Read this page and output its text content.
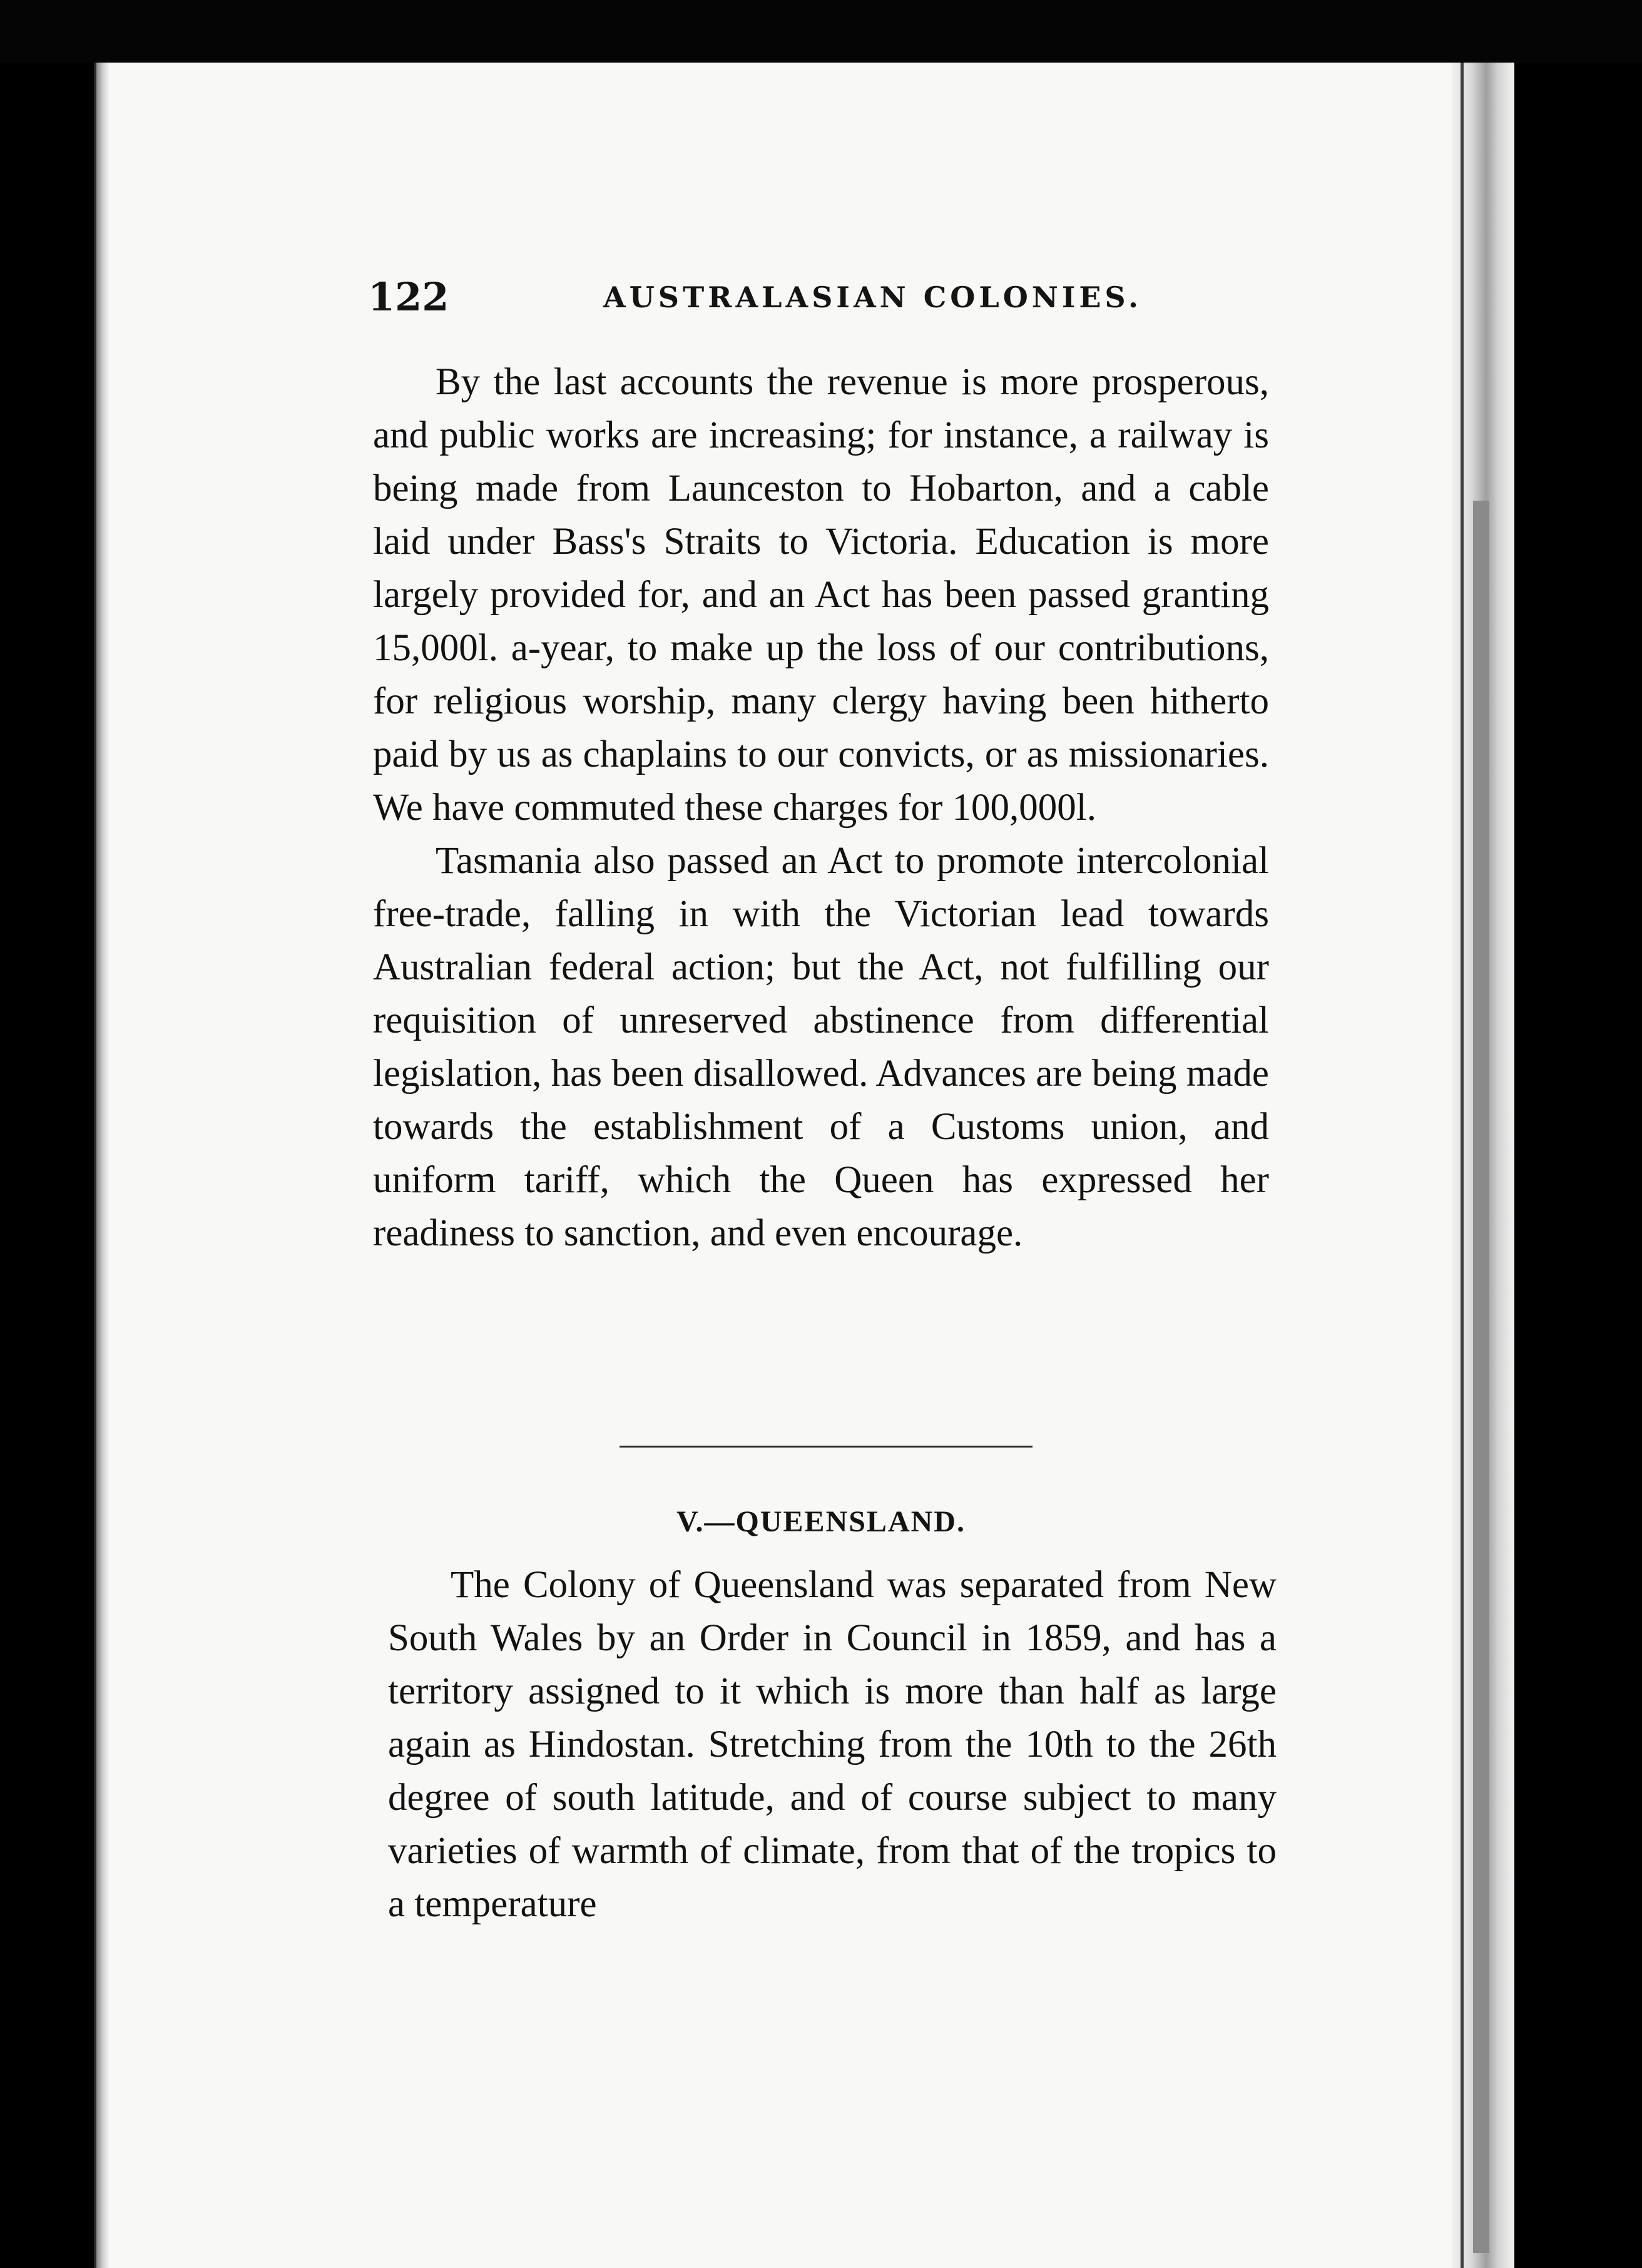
122	AUSTRALASIAN COLONIES.

By the last accounts the revenue is more prosperous, and public works are increasing; for instance, a railway is being made from Launceston to Hobarton, and a cable laid under Bass's Straits to Victoria. Education is more largely provided for, and an Act has been passed granting 15,000l. a-year, to make up the loss of our contributions, for religious worship, many clergy having been hitherto paid by us as chaplains to our convicts, or as missionaries. We have commuted these charges for 100,000l.

Tasmania also passed an Act to promote intercolonial free-trade, falling in with the Victorian lead towards Australian federal action; but the Act, not fulfilling our requisition of unreserved abstinence from differential legislation, has been disallowed. Advances are being made towards the establishment of a Customs union, and uniform tariff, which the Queen has expressed her readiness to sanction, and even encourage.

V.—QUEENSLAND.

The Colony of Queensland was separated from New South Wales by an Order in Council in 1859, and has a territory assigned to it which is more than half as large again as Hindostan. Stretching from the 10th to the 26th degree of south latitude, and of course subject to many varieties of warmth of climate, from that of the tropics to a temperature
